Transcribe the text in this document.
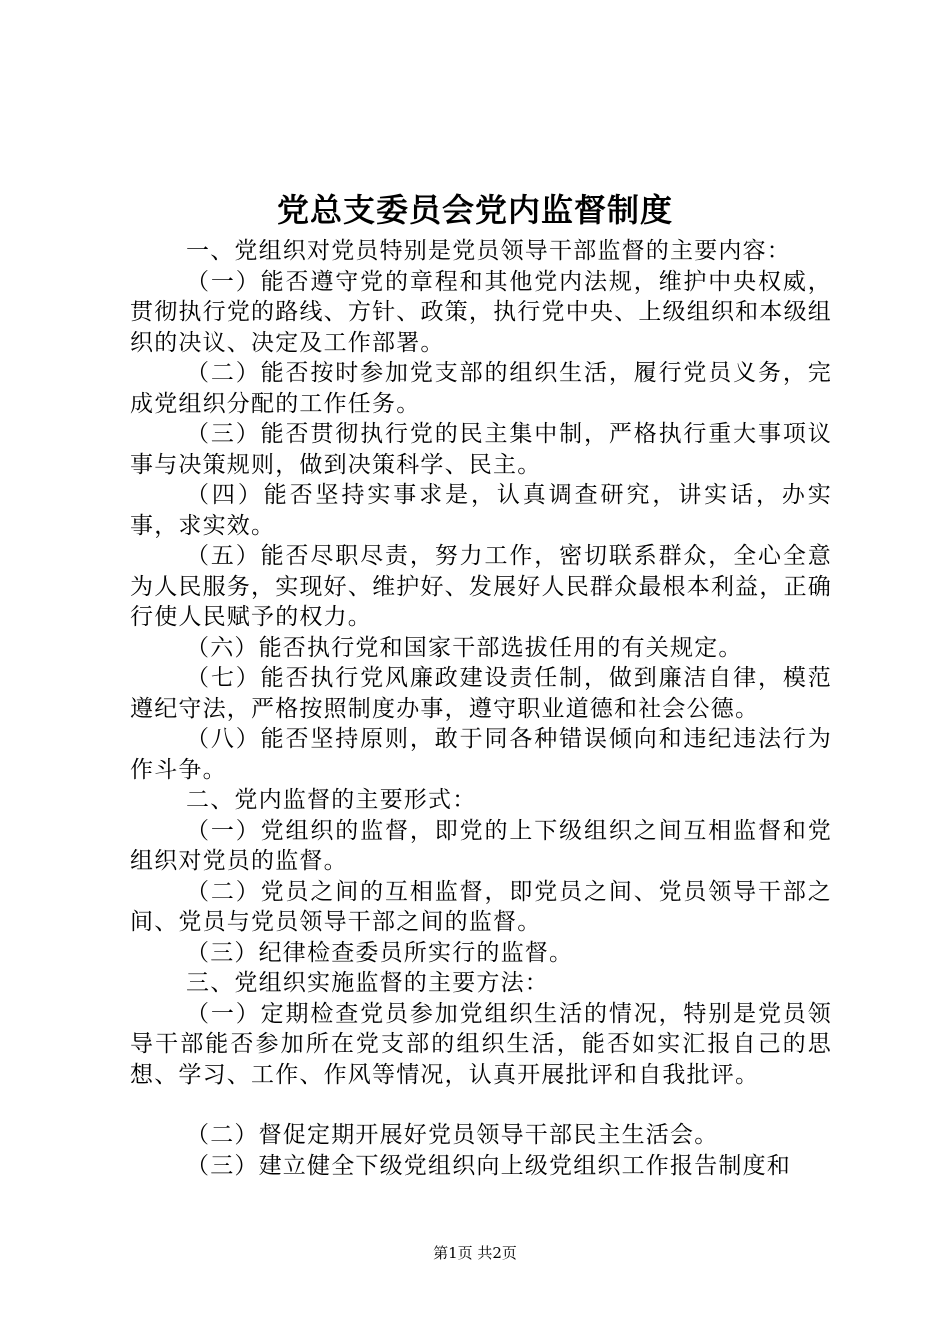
党总支委员会党内监督制度

一、党组织对党员特别是党员领导干部监督的主要内容：

（一）能否遵守党的章程和其他党内法规，维护中央权威，贯彻执行党的路线、方针、政策，执行党中央、上级组织和本级组织的决议、决定及工作部署。

（二）能否按时参加党支部的组织生活，履行党员义务，完成党组织分配的工作任务。

（三）能否贯彻执行党的民主集中制，严格执行重大事项议事与决策规则，做到决策科学、民主。

（四）能否坚持实事求是，认真调查研究，讲实话，办实事，求实效。

（五）能否尽职尽责，努力工作，密切联系群众，全心全意为人民服务，实现好、维护好、发展好人民群众最根本利益，正确行使人民赋予的权力。

（六）能否执行党和国家干部选拔任用的有关规定。

（七）能否执行党风廉政建设责任制，做到廉洁自律，模范遵纪守法，严格按照制度办事，遵守职业道德和社会公德。

（八）能否坚持原则，敢于同各种错误倾向和违纪违法行为作斗争。

二、党内监督的主要形式：

（一）党组织的监督，即党的上下级组织之间互相监督和党组织对党员的监督。

（二）党员之间的互相监督，即党员之间、党员领导干部之间、党员与党员领导干部之间的监督。

（三）纪律检查委员所实行的监督。

三、党组织实施监督的主要方法：

（一）定期检查党员参加党组织生活的情况，特别是党员领导干部能否参加所在党支部的组织生活，能否如实汇报自己的思想、学习、工作、作风等情况，认真开展批评和自我批评。

（二）督促定期开展好党员领导干部民主生活会。

（三）建立健全下级党组织向上级党组织工作报告制度和

第1页 共2页
